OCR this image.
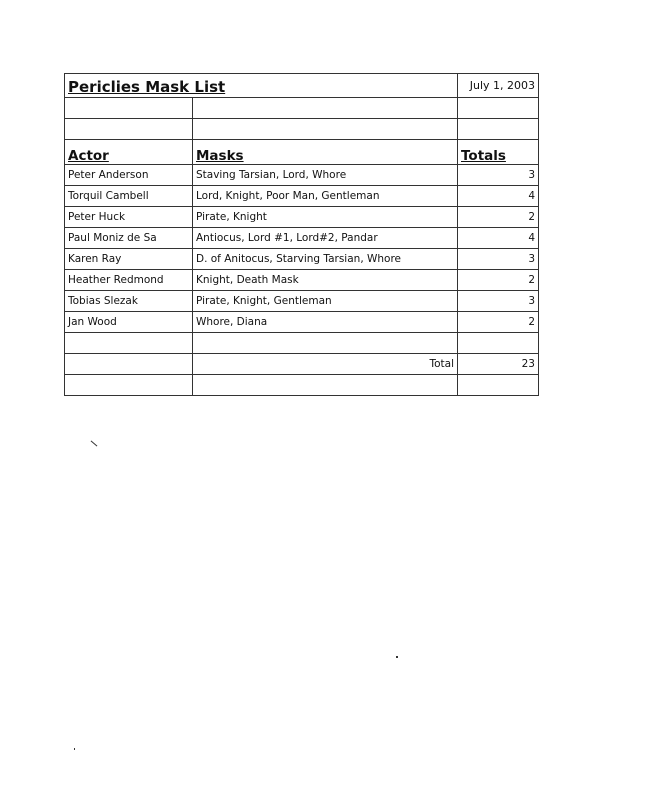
Periclies Mask List		July 1, 2003

Actor	Masks	Totals
Peter Anderson	Staving Tarsian, Lord, Whore	3
Torquil Cambell	Lord, Knight, Poor Man, Gentleman	4
Peter Huck	Pirate, Knight	2
Paul Moniz de Sa	Antiocus, Lord #1, Lord#2, Pandar	4
Karen Ray	D. of Anitocus, Starving Tarsian, Whore	3
Heather Redmond	Knight, Death Mask	2
Tobias Slezak	Pirate, Knight, Gentleman	3
Jan Wood	Whore, Diana	2

	Total	23
